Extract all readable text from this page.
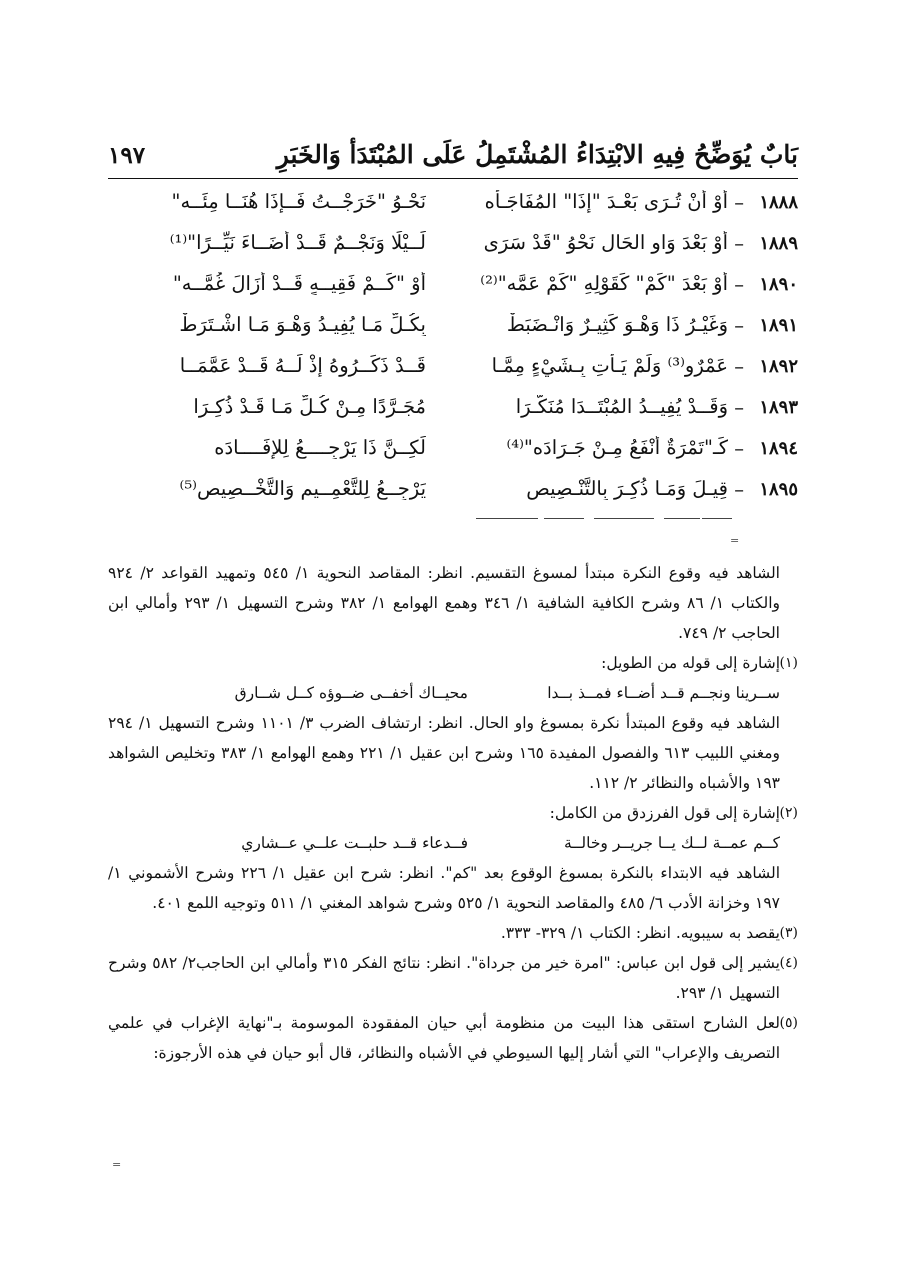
بَابٌ يُوَضِّحُ فِيهِ الابْتِدَاءُ المُشْتَمِلُ عَلَى المُبْتَدَأ وَالخَبَرِ
١٩٧
١٨٨٨
–
أَوْ أَنْ تُـرَى بَعْـدَ "إِذَا" المُفَاجَـأَه
نَحْـوُ "خَرَجْــتُ فَــإِذَا هُنَــا مِئَــه"
١٨٨٩
–
أَوْ بَعْدَ وَاوِ الحَالِ نَحْوُ "قَدْ سَرَى
لَــيْلًا وَنَجْــمٌ قَــدْ أَضَــاءَ نَيِّــرًا"⁽¹⁾
١٨٩٠
–
أَوْ بَعْدَ "كَمْ" كَقَوْلِهِ "كَمْ عَمَّه"⁽²⁾
أَوْ "كَــمْ فَقِيــهٍ قَــدْ أَزَالَ غُمَّــه"
١٨٩١
–
وَغَيْـرُ ذَا وَهْـوَ كَثِيـرٌ وَانْـضَبَطْ
بِكُـلِّ مَـا يُفِيـدُ وَهْـوَ مَـا اشْـتَرَطْ
١٨٩٢
–
عَمْرٌو⁽³⁾ وَلَمْ يَـأْتِ بِـشَيْءٍ مِمَّـا
قَــدْ ذَكَــرُوهُ إِذْ لَــهُ قَــدْ عَمَّمَــا
١٨٩٣
–
وَقَــدْ يُفِيــدُ المُبْتَــدَا مُنَكَّـرَا
مُجَـرَّدًا مِـنْ كُـلِّ مَـا قَـدْ ذُكِـرَا
١٨٩٤
–
كَـ"تَمْرَةٌ أَنْفَعُ مِـنْ جَـرَادَه"⁽⁴⁾
لَكِــنَّ ذَا يَرْجِــــعُ لِلإِفَــــادَه
١٨٩٥
–
قِيـلَ وَمَـا ذُكِـرَ بِالتَّنْـصِيصِ
يَرْجِــعُ لِلتَّعْمِــيمِ وَالتَّخْــصِيصِ⁽⁵⁾

الشاهد فيه وقوع النكرة مبتدأ لمسوغ التقسيم. انظر: المقاصد النحوية ١/ ٥٤٥ وتمهيد القواعد ٢/ ٩٢٤ والكتاب ١/ ٨٦ وشرح الكافية الشافية ١/ ٣٤٦ وهمع الهوامع ١/ ٣٨٢ وشرح التسهيل ١/ ٢٩٣ وأمالي ابن الحاجب ٢/ ٧٤٩.

(١)

إشارة إلى قوله من الطويل:

ســرينا ونجــم قــد أضــاء فمــذ بــدا
محيــاك أخفــى ضــوؤه كــل شــارق

الشاهد فيه وقوع المبتدأ نكرة بمسوغ واو الحال. انظر: ارتشاف الضرب ٣/ ١١٠١ وشرح التسهيل ١/ ٢٩٤ ومغني اللبيب ٦١٣ والفصول المفيدة ١٦٥ وشرح ابن عقيل ١/ ٢٢١ وهمع الهوامع ١/ ٣٨٣ وتخليص الشواهد ١٩٣ والأشباه والنظائر ٢/ ١١٢.

(٢)

إشارة إلى قول الفرزدق من الكامل:

كــم عمــة لــك يــا جريــر وخالــة
فــدعاء قــد حلبــت علــي عــشاري

الشاهد فيه الابتداء بالنكرة بمسوغ الوقوع بعد "كم". انظر: شرح ابن عقيل ١/ ٢٢٦ وشرح الأشموني ١/ ١٩٧ وخزانة الأدب ٦/ ٤٨٥ والمقاصد النحوية ١/ ٥٢٥ وشرح شواهد المغني ١/ ٥١١ وتوجيه اللمع ٤٠١.

(٣)

يقصد به سيبويه. انظر: الكتاب ١/ ٣٢٩- ٣٣٣.

(٤)

يشير إلى قول ابن عباس: "امرة خير من جرداة". انظر: نتائج الفكر ٣١٥ وأمالي ابن الحاجب٢/ ٥٨٢ وشرح التسهيل ١/ ٢٩٣.

(٥)

لعل الشارح استقى هذا البيت من منظومة أبي حيان المفقودة الموسومة بـ"نهاية الإغراب في علمي التصريف والإعراب" التي أشار إليها السيوطي في الأشباه والنظائر، قال أبو حيان في هذه الأرجوزة:

=
=
